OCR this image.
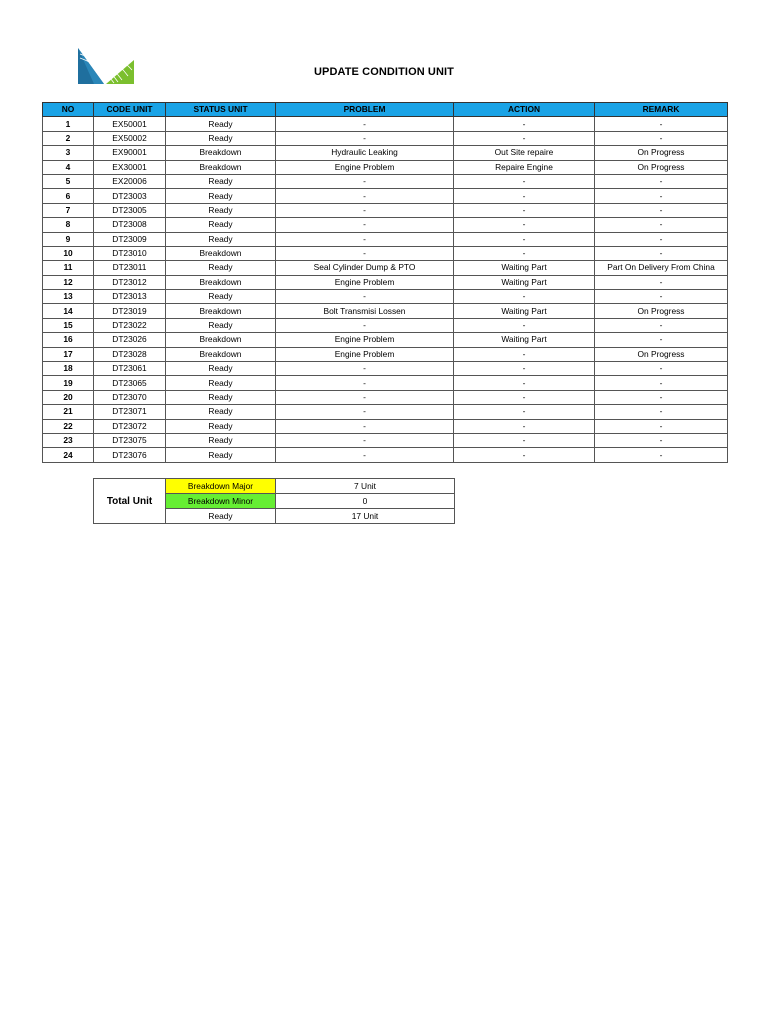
UPDATE CONDITION UNIT
NO	CODE UNIT	STATUS UNIT	PROBLEM	ACTION	REMARK
1	EX50001	Ready	-	-	-
2	EX50002	Ready	-	-	-
3	EX90001	Breakdown	Hydraulic Leaking	Out Site repaire	On Progress
4	EX30001	Breakdown	Engine Problem	Repaire Engine	On Progress
5	EX20006	Ready	-	-	-
6	DT23003	Ready	-	-	-
7	DT23005	Ready	-	-	-
8	DT23008	Ready	-	-	-
9	DT23009	Ready	-	-	-
10	DT23010	Breakdown	-	-	-
11	DT23011	Ready	Seal Cylinder Dump & PTO	Waiting Part	Part On Delivery From China
12	DT23012	Breakdown	Engine Problem	Waiting Part	-
13	DT23013	Ready	-	-	-
14	DT23019	Breakdown	Bolt Transmisi Lossen	Waiting Part	On Progress
15	DT23022	Ready	-	-	-
16	DT23026	Breakdown	Engine Problem	Waiting Part	-
17	DT23028	Breakdown	Engine Problem	-	On Progress
18	DT23061	Ready	-	-	-
19	DT23065	Ready	-	-	-
20	DT23070	Ready	-	-	-
21	DT23071	Ready	-	-	-
22	DT23072	Ready	-	-	-
23	DT23075	Ready	-	-	-
24	DT23076	Ready	-	-	-
Total Unit	Breakdown Major	7 Unit
	Breakdown Minor	0
	Ready	17 Unit
